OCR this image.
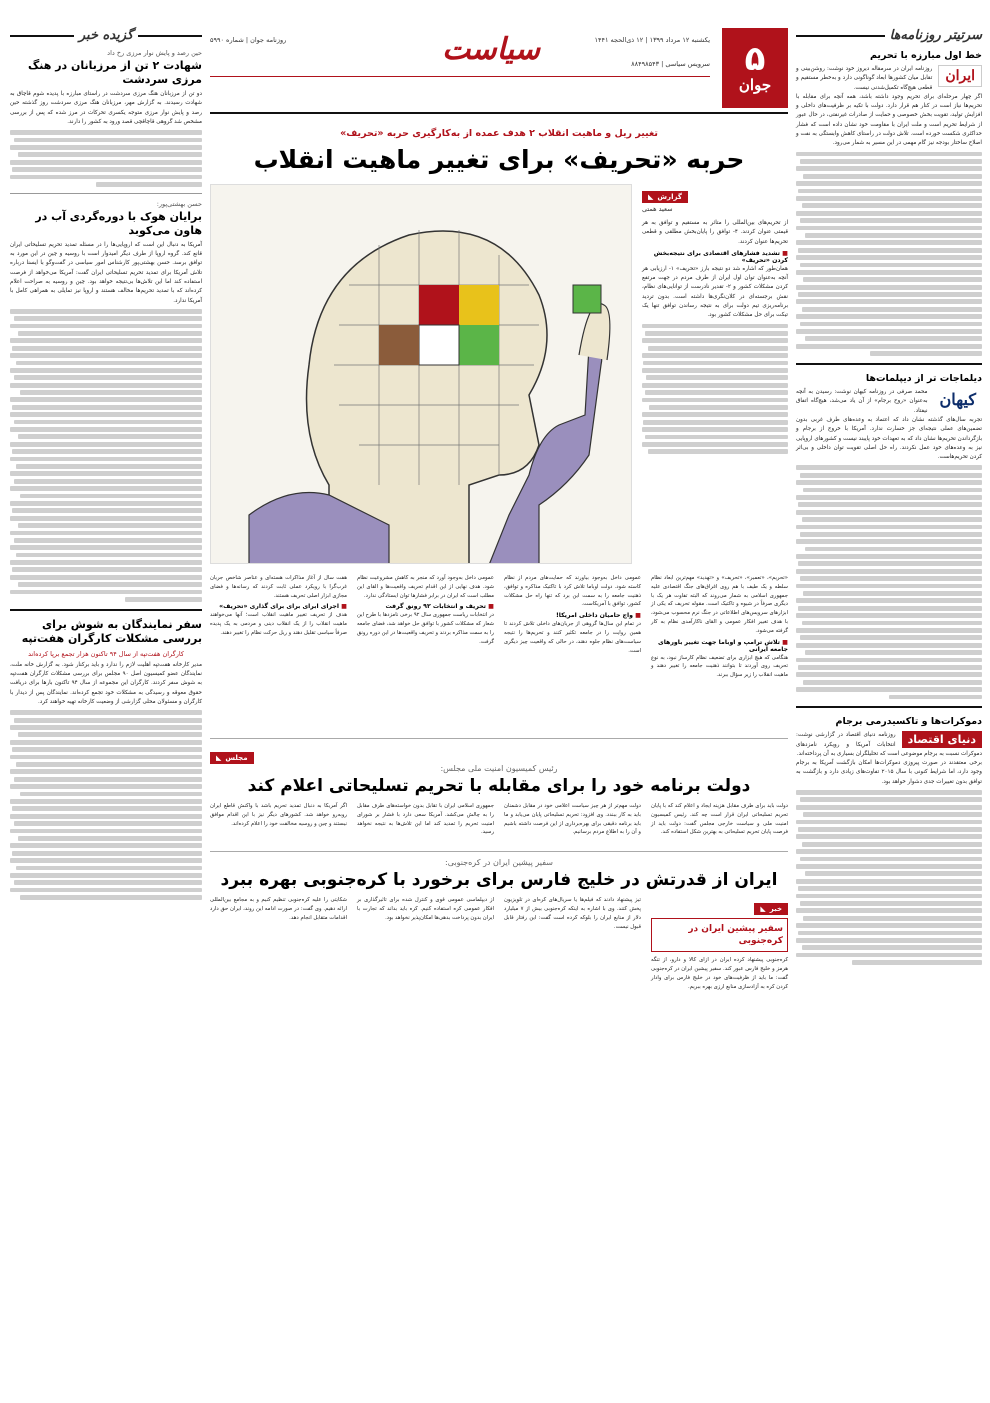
سرتیتر روزنامه‌ها
خط اول مبارزه با تحریم
ایران

روزنامه ایران در سرمقاله دیروز خود نوشت: روشن‌بینی و تقابل میان کشورها ابعاد گوناگونی دارد و به‌خطر مستقیم و قطعی هیچ‌گاه تکمیل‌شدنی نیست.

اگر چهار مرحله‌ای برای تحریم وجود داشته باشد، همه آنچه برای مقابله با تحریم‌ها نیاز است در کنار هم قرار دارد. دولت با تکیه بر ظرفیت‌های داخلی و افزایش تولید، تقویت بخش خصوصی و حمایت از صادرات غیرنفتی، در حال عبور از شرایط تحریم است و ملت ایران با مقاومت خود نشان داده است که فشار حداکثری شکست خورده است. تلاش دولت در راستای کاهش وابستگی به نفت و اصلاح ساختار بودجه نیز گام مهمی در این مسیر به شمار می‌رود.

دیلماجات تر از دیپلمات‌ها
کیهان

محمد صرفی در روزنامه کیهان نوشت: رسیدن به آنچه به‌عنوان «روح برجام» از آن یاد می‌شد، هیچ‌گاه اتفاق نیفتاد.

تجربه سال‌های گذشته نشان داد که اعتماد به وعده‌های طرف غربی بدون تضمین‌های عملی نتیجه‌ای جز خسارت ندارد. آمریکا با خروج از برجام و بازگرداندن تحریم‌ها نشان داد که به تعهدات خود پایبند نیست و کشورهای اروپایی نیز به وعده‌های خود عمل نکردند. راه حل اصلی تقویت توان داخلی و بی‌اثر کردن تحریم‌هاست.

دموکرات‌ها و تاکسیدرمی برجام
دنیای اقتصاد

روزنامه دنیای اقتصاد در گزارشی نوشت: انتخابات آمریکا و رویکرد نامزدهای دموکرات نسبت به برجام موضوعی است که تحلیلگران بسیاری به آن پرداخته‌اند.

برخی معتقدند در صورت پیروزی دموکرات‌ها امکان بازگشت آمریکا به برجام وجود دارد، اما شرایط کنونی با سال ۲۰۱۵ تفاوت‌های زیادی دارد و بازگشت به توافق بدون تغییرات جدی دشوار خواهد بود.

۵
جوان
یکشنبه ۱۲ مرداد ۱۳۹۹ | ۱۲ ذی‌الحجه ۱۴۴۱
سرویس سیاسی | ۸۸۴۹۸۵۴۳
روزنامه جوان | شماره ۵۹۹۰	سیاست
تغییر ریل و ماهیت انقلاب ۲ هدف عمده از به‌کارگیری حربه «تحریف»
حربه «تحریف» برای تغییر ماهیت انقلاب
گزارش
◣
سعید همتی

از تحریم‌های بین‌المللی را متاثر به مستقیم و توافق به هر قیمتی عنوان کردند. ۴- توافق را پایان‌بخش مطلقی و قطعی تحریم‌ها عنوان کردند.

■ تشدید فشارهای اقتصادی برای نتیجه‌بخش کردن «تحریف»

همان‌طور که اشاره شد دو نتیجه بارز «تحریف» ۱- ارزیابی هر آنچه به‌عنوان توان اول ایران از طرف مردم در جهت مرتفع کردن مشکلات کشور و ۲- تقدیر نادرست از توانایی‌های نظام، نقش برجسته‌ای در کلان‌نگری‌ها داشته است. بدون تردید برنامه‌ریزی تیم دولت برای به نتیجه رساندن توافق تنها یک تیکت برای حل مشکلات کشور بود.

«تحریم»، «تعمیر»، «تحریف» و «تهدید» مهم‌ترین ابعاد نظام سلطه و یک طیف با هم روی اغراق‌های جنگ اقتصادی علیه جمهوری اسلامی به شمار می‌روند که البته تفاوت هر یک با دیگری صرفاً در شیوه و تاکتیک است. مقوله تحریف که یکی از ابزارهای سرویس‌های اطلاعاتی در جنگ نرم محسوب می‌شود، با هدف تغییر افکار عمومی و القای ناکارآمدی نظام به کار گرفته می‌شود.

■ تلاش ترامپ و اوباما جهت تغییر باورهای جامعه ایرانی

هنگامی که هیچ ابزاری برای تضعیف نظام کارساز نبود، به نوع تحریف روی آوردند تا بتوانند ذهنیت جامعه را تغییر دهند و ماهیت انقلاب را زیر سؤال ببرند.

عمومی داخل به‌وجود بیاورند که حمایت‌های مردم از نظام کاسته شود. دولت اوباما تلاش کرد با تاکتیک مذاکره و توافق، ذهنیت جامعه را به سمت این برد که تنها راه حل مشکلات کشور، توافق با آمریکاست.

■ واج حامیان داخلی امریکا!

در تمام این سال‌ها گروهی از جریان‌های داخلی تلاش کردند تا همین روایت را در جامعه تکثیر کنند و تحریم‌ها را نتیجه سیاست‌های نظام جلوه دهند، در حالی که واقعیت چیز دیگری است.

عمومی داخل به‌وجود آورد که منجر به کاهش مشروعیت نظام شود. هدف نهایی از این اقدام تحریف واقعیت‌ها و القای این مطلب است که ایران در برابر فشارها توان ایستادگی ندارد.

■ تحریف و انتخابات ۹۲ رونق گرفت

در انتخابات ریاست جمهوری سال ۹۲ برخی نامزدها با طرح این شعار که مشکلات کشور با توافق حل خواهد شد، فضای جامعه را به سمت مذاکره بردند و تحریف واقعیت‌ها در این دوره رونق گرفت.

هفت سال از آغاز مذاکرات هسته‌ای و عناصر شاخص جریان غرب‌گرا با رویکرد عملی ثابت کردند که رسانه‌ها و فضای مجازی ابزار اصلی تحریف هستند.

■ اجرای ابرای برای برای گذاری «تحریف»

هدف از تحریف تغییر ماهیت انقلاب است؛ آنها می‌خواهند ماهیت انقلاب را از یک انقلاب دینی و مردمی به یک پدیده صرفاً سیاسی تقلیل دهند و ریل حرکت نظام را تغییر دهند.

مجلس
◣
رئیس کمیسیون امنیت ملی مجلس:
دولت برنامه خود را برای مقابله با تحریم تسلیحاتی اعلام کند

دولت باید برای طرف مقابل هزینه ایجاد و اعلام کند که با پایان تحریم تسلیحاتی ایران قرار است چه کند. رئیس کمیسیون امنیت ملی و سیاست خارجی مجلس گفت: دولت باید از فرصت پایان تحریم تسلیحاتی به بهترین شکل استفاده کند.

دولت مهم‌تر از هر چیز سیاست اعلامی خود در مقابل دشمنان باید به کار ببندد. وی افزود: تحریم تسلیحاتی پایان می‌یابد و ما باید برنامه دقیقی برای بهره‌برداری از این فرصت داشته باشیم و آن را به اطلاع مردم برسانیم.

جمهوری اسلامی ایران با تقابل بدون خواسته‌های طرف مقابل را به چالش می‌کشد. آمریکا سعی دارد با فشار بر شورای امنیت تحریم را تمدید کند اما این تلاش‌ها به نتیجه نخواهد رسید.

اگر آمریکا به دنبال تمدید تحریم باشد با واکنش قاطع ایران روبه‌رو خواهد شد. کشورهای دیگر نیز با این اقدام موافق نیستند و چین و روسیه مخالفت خود را اعلام کرده‌اند.

سفیر پیشین ایران در کره‌جنوبی:
ایران از قدرتش در خلیج فارس برای برخورد با کره‌جنوبی بهره ببرد
خبر
◣
سفیر پیشین ایران در کره‌جنوبی

کره‌جنوبی پیشنهاد کرده ایران در ازای کالا و دارو، از تنگه هرمز و خلیج فارس عبور کند. سفیر پیشین ایران در کره‌جنوبی گفت: ما باید از ظرفیت‌های خود در خلیج فارس برای وادار کردن کره به آزادسازی منابع ارزی بهره ببریم.

تیز پیشنهاد دادند که فیلم‌ها یا سریال‌های کره‌ای در تلویزیون پخش کنند. وی با اشاره به اینکه کره‌جنوبی بیش از ۷ میلیارد دلار از منابع ایران را بلوکه کرده است گفت: این رفتار قابل قبول نیست.

از دیپلماسی عمومی قوی و کنترل شده برای تاثیرگذاری بر افکار عمومی کره استفاده کنیم. کره باید بداند که تجارت با ایران بدون پرداخت بدهی‌ها امکان‌پذیر نخواهد بود.

شکایتی را علیه کره‌جنوبی تنظیم کنیم و به مجامع بین‌المللی ارائه دهیم. وی گفت: در صورت ادامه این روند، ایران حق دارد اقدامات متقابل انجام دهد.

گزیده خبر
حین رصد و پایش نوار مرزی رخ داد
شهادت ۲ تن از مرزبانان در هنگ مرزی سردشت

دو تن از مرزبانان هنگ مرزی سردشت در راستای مبارزه با پدیده شوم قاچاق به شهادت رسیدند. به گزارش مهر، مرزبانان هنگ مرزی سردشت روز گذشته حین رصد و پایش نوار مرزی متوجه یکسری تحرکات در مرز شده که پس از بررسی مشخص شد گروهی قاچاقچی قصد ورود به کشور را دارند.

حسن بهشتی‌پور:
برایان هوک با دوره‌گردی آب در هاون می‌کوبد

آمریکا به دنبال این است که اروپایی‌ها را در مسئله تمدید تحریم تسلیحاتی ایران قانع کند. گروه اروپا از طرف دیگر امیدوار است با روسیه و چین در این مورد به توافق برسد. حسن بهشتی‌پور کارشناس امور سیاسی در گفت‌وگو با ایسنا درباره تلاش آمریکا برای تمدید تحریم تسلیحاتی ایران گفت: آمریکا می‌خواهد از فرصت استفاده کند اما این تلاش‌ها بی‌نتیجه خواهد بود. چین و روسیه به صراحت اعلام کرده‌اند که با تمدید تحریم‌ها مخالف هستند و اروپا نیز تمایلی به همراهی کامل با آمریکا ندارد.

سفر نمایندگان به شوش برای بررسی مشکلات کارگران هفت‌تپه
کارگران هفت‌تپه از سال ۹۴ تاکنون هزار تجمع برپا کرده‌اند

مدیر کارخانه هفت‌تپه اهلیت لازم را ندارد و باید برکنار شود. به گزارش خانه ملت، نمایندگان عضو کمیسیون اصل ۹۰ مجلس برای بررسی مشکلات کارگران هفت‌تپه به شوش سفر کردند. کارگران این مجموعه از سال ۹۴ تاکنون بارها برای دریافت حقوق معوقه و رسیدگی به مشکلات خود تجمع کرده‌اند. نمایندگان پس از دیدار با کارگران و مسئولان محلی گزارشی از وضعیت کارخانه تهیه خواهند کرد.
